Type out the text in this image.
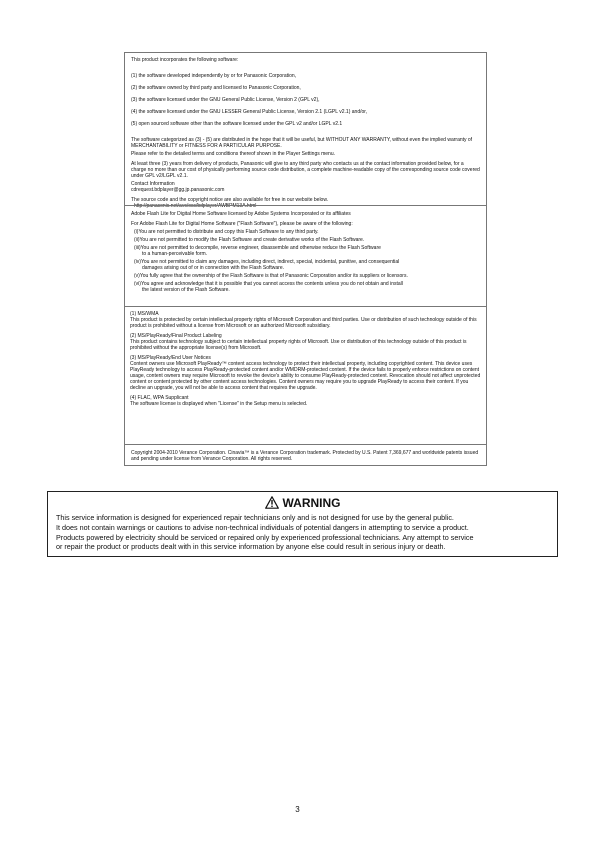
This product incorporates the following software:

(1) the software developed independently by or for Panasonic Corporation,

(2) the software owned by third party and licensed to Panasonic Corporation,

(3) the software licensed under the GNU General Public License, Version 2 (GPL v2),

(4) the software licensed under the GNU LESSER General Public License, Version 2.1 (LGPL v2.1) and/or,

(5) open sourced software other than the software licensed under the GPL v2 and/or LGPL v2.1

The software categorized as (3) - (5) are distributed in the hope that it will be useful, but WITHOUT ANY WARRANTY, without even the implied warranty of MERCHANTABILITY or FITNESS FOR A PARTICULAR PURPOSE.

Please refer to the detailed terms and conditions thereof shown in the Player Settings menu.

At least three (3) years from delivery of products, Panasonic will give to any third party who contacts us at the contact information provided below, for a charge no more than our cost of physically performing source code distribution, a complete machine-readable copy of the corresponding source code covered under GPL v2/LGPL v2.1.

Contact Information

cdrequest.bdplayer@gg.jp.panasonic.com

The source code and the copyright notice are also available for free in our website below.
http://panasonic.net/avc/oss/bdplayer/AWBPM13A.html

Adobe Flash Lite for Digital Home Software licensed by Adobe Systems Incorporated or its affiliates

For Adobe Flash Lite for Digital Home Software ("Flash Software"), please be aware of the following:

(i)You are not permitted to distribute and copy this Flash Software to any third party.
(ii)You are not permitted to modify the Flash Software and create derivative works of the Flash Software.
(iii)You are not permitted to decompile, reverse engineer, disassemble and otherwise reduce the Flash Software
to a human-perceivable form.
(iv)You are not permitted to claim any damages, including direct, indirect, special, incidental, punitive, and consequential
damages arising out of or in connection with the Flash Software.
(v)You fully agree that the ownership of the Flash Software is that of Panasonic Corporation and/or its suppliers or licensors.
(vi)You agree and acknowledge that it is possible that you cannot access the contents unless you do not obtain and install
the latest version of the Flash Software.
(1) MS/WMA

This product is protected by certain intellectual property rights of Microsoft Corporation and third parties. Use or distribution of such technology outside of this product is prohibited without a license from Microsoft or an authorized Microsoft subsidiary.

(2) MS/PlayReady/Final Product Labeling

This product contains technology subject to certain intellectual property rights of Microsoft. Use or distribution of this technology outside of this product is prohibited without the appropriate license(s) from Microsoft.

(3) MS/PlayReady/End User Notices

Content owners use Microsoft PlayReady™ content access technology to protect their intellectual property, including copyrighted content. This device uses PlayReady technology to access PlayReady-protected content and/or WMDRM-protected content. If the device fails to properly enforce restrictions on content usage, content owners may require Microsoft to revoke the device's ability to consume PlayReady-protected content. Revocation should not affect unprotected content or content protected by other content access technologies. Content owners may require you to upgrade PlayReady to access their content. If you decline an upgrade, you will not be able to access content that requires the upgrade.

(4) FLAC, WPA Supplicant
The software license is displayed when "License" in the Setup menu is selected.
Copyright 2004-2010 Verance Corporation. Cinavia™ is a Verance Corporation trademark. Protected by U.S. Patent 7,369,677 and worldwide patents issued and pending under license from Verance Corporation. All rights reserved.
WARNING
This service information is designed for experienced repair technicians only and is not designed for use by the general public.
It does not contain warnings or cautions to advise non-technical individuals of potential dangers in attempting to service a product.
Products powered by electricity should be serviced or repaired only by experienced professional technicians. Any attempt to service
or repair the product or products dealt with in this service information by anyone else could result in serious injury or death.
3
